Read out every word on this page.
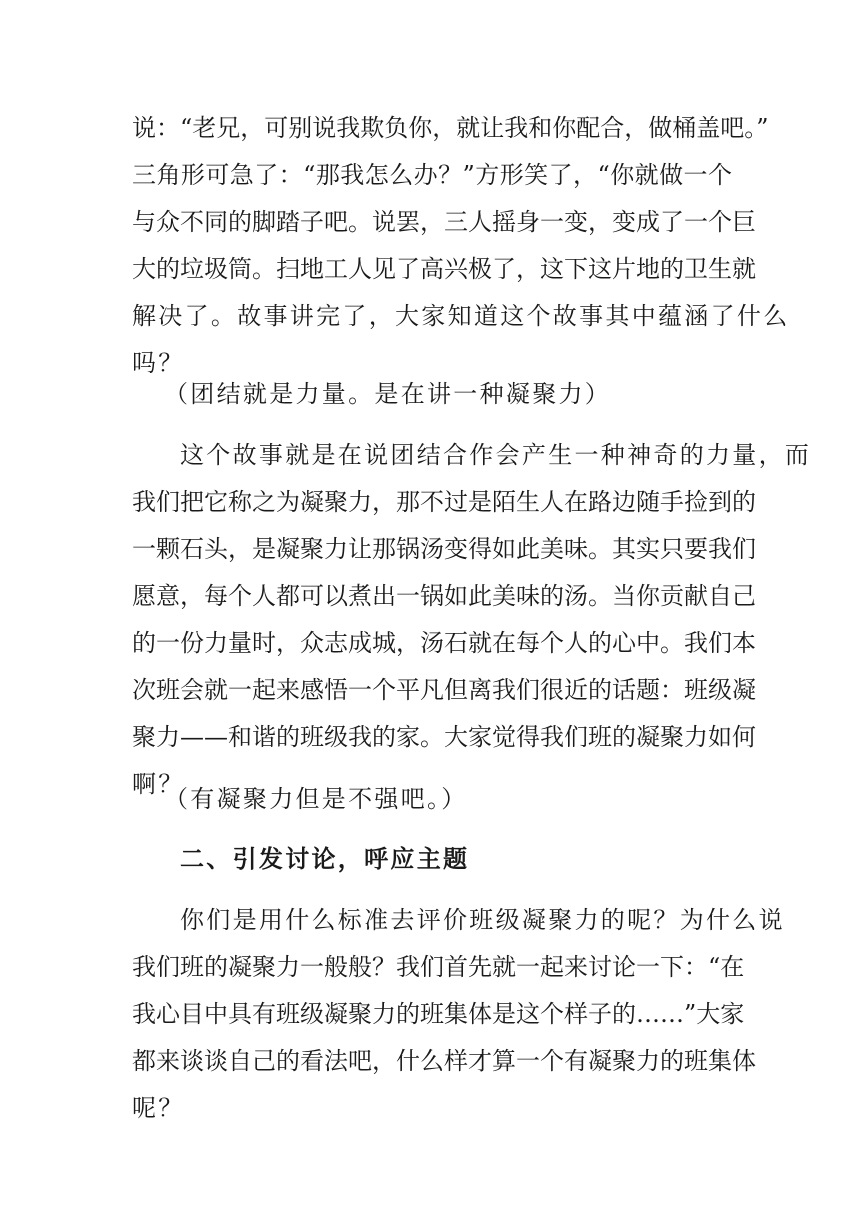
说：“老兄，可别说我欺负你，就让我和你配合，做桶盖吧。”
三角形可急了：“那我怎么办？”方形笑了，“你就做一个
与众不同的脚踏子吧。说罢，三人摇身一变，变成了一个巨
大的垃圾筒。扫地工人见了高兴极了，这下这片地的卫生就
解决了。故事讲完了，大家知道这个故事其中蕴涵了什么
吗？
（团结就是力量。是在讲一种凝聚力）
这个故事就是在说团结合作会产生一种神奇的力量，而
我们把它称之为凝聚力，那不过是陌生人在路边随手捡到的
一颗石头，是凝聚力让那锅汤变得如此美味。其实只要我们
愿意，每个人都可以煮出一锅如此美味的汤。当你贡献自己
的一份力量时，众志成城，汤石就在每个人的心中。我们本
次班会就一起来感悟一个平凡但离我们很近的话题：班级凝
聚力——和谐的班级我的家。大家觉得我们班的凝聚力如何
啊？
（有凝聚力但是不强吧。）
二、引发讨论，呼应主题
你们是用什么标准去评价班级凝聚力的呢？为什么说
我们班的凝聚力一般般？我们首先就一起来讨论一下：“在
我心目中具有班级凝聚力的班集体是这个样子的……”大家
都来谈谈自己的看法吧，什么样才算一个有凝聚力的班集体
呢？
